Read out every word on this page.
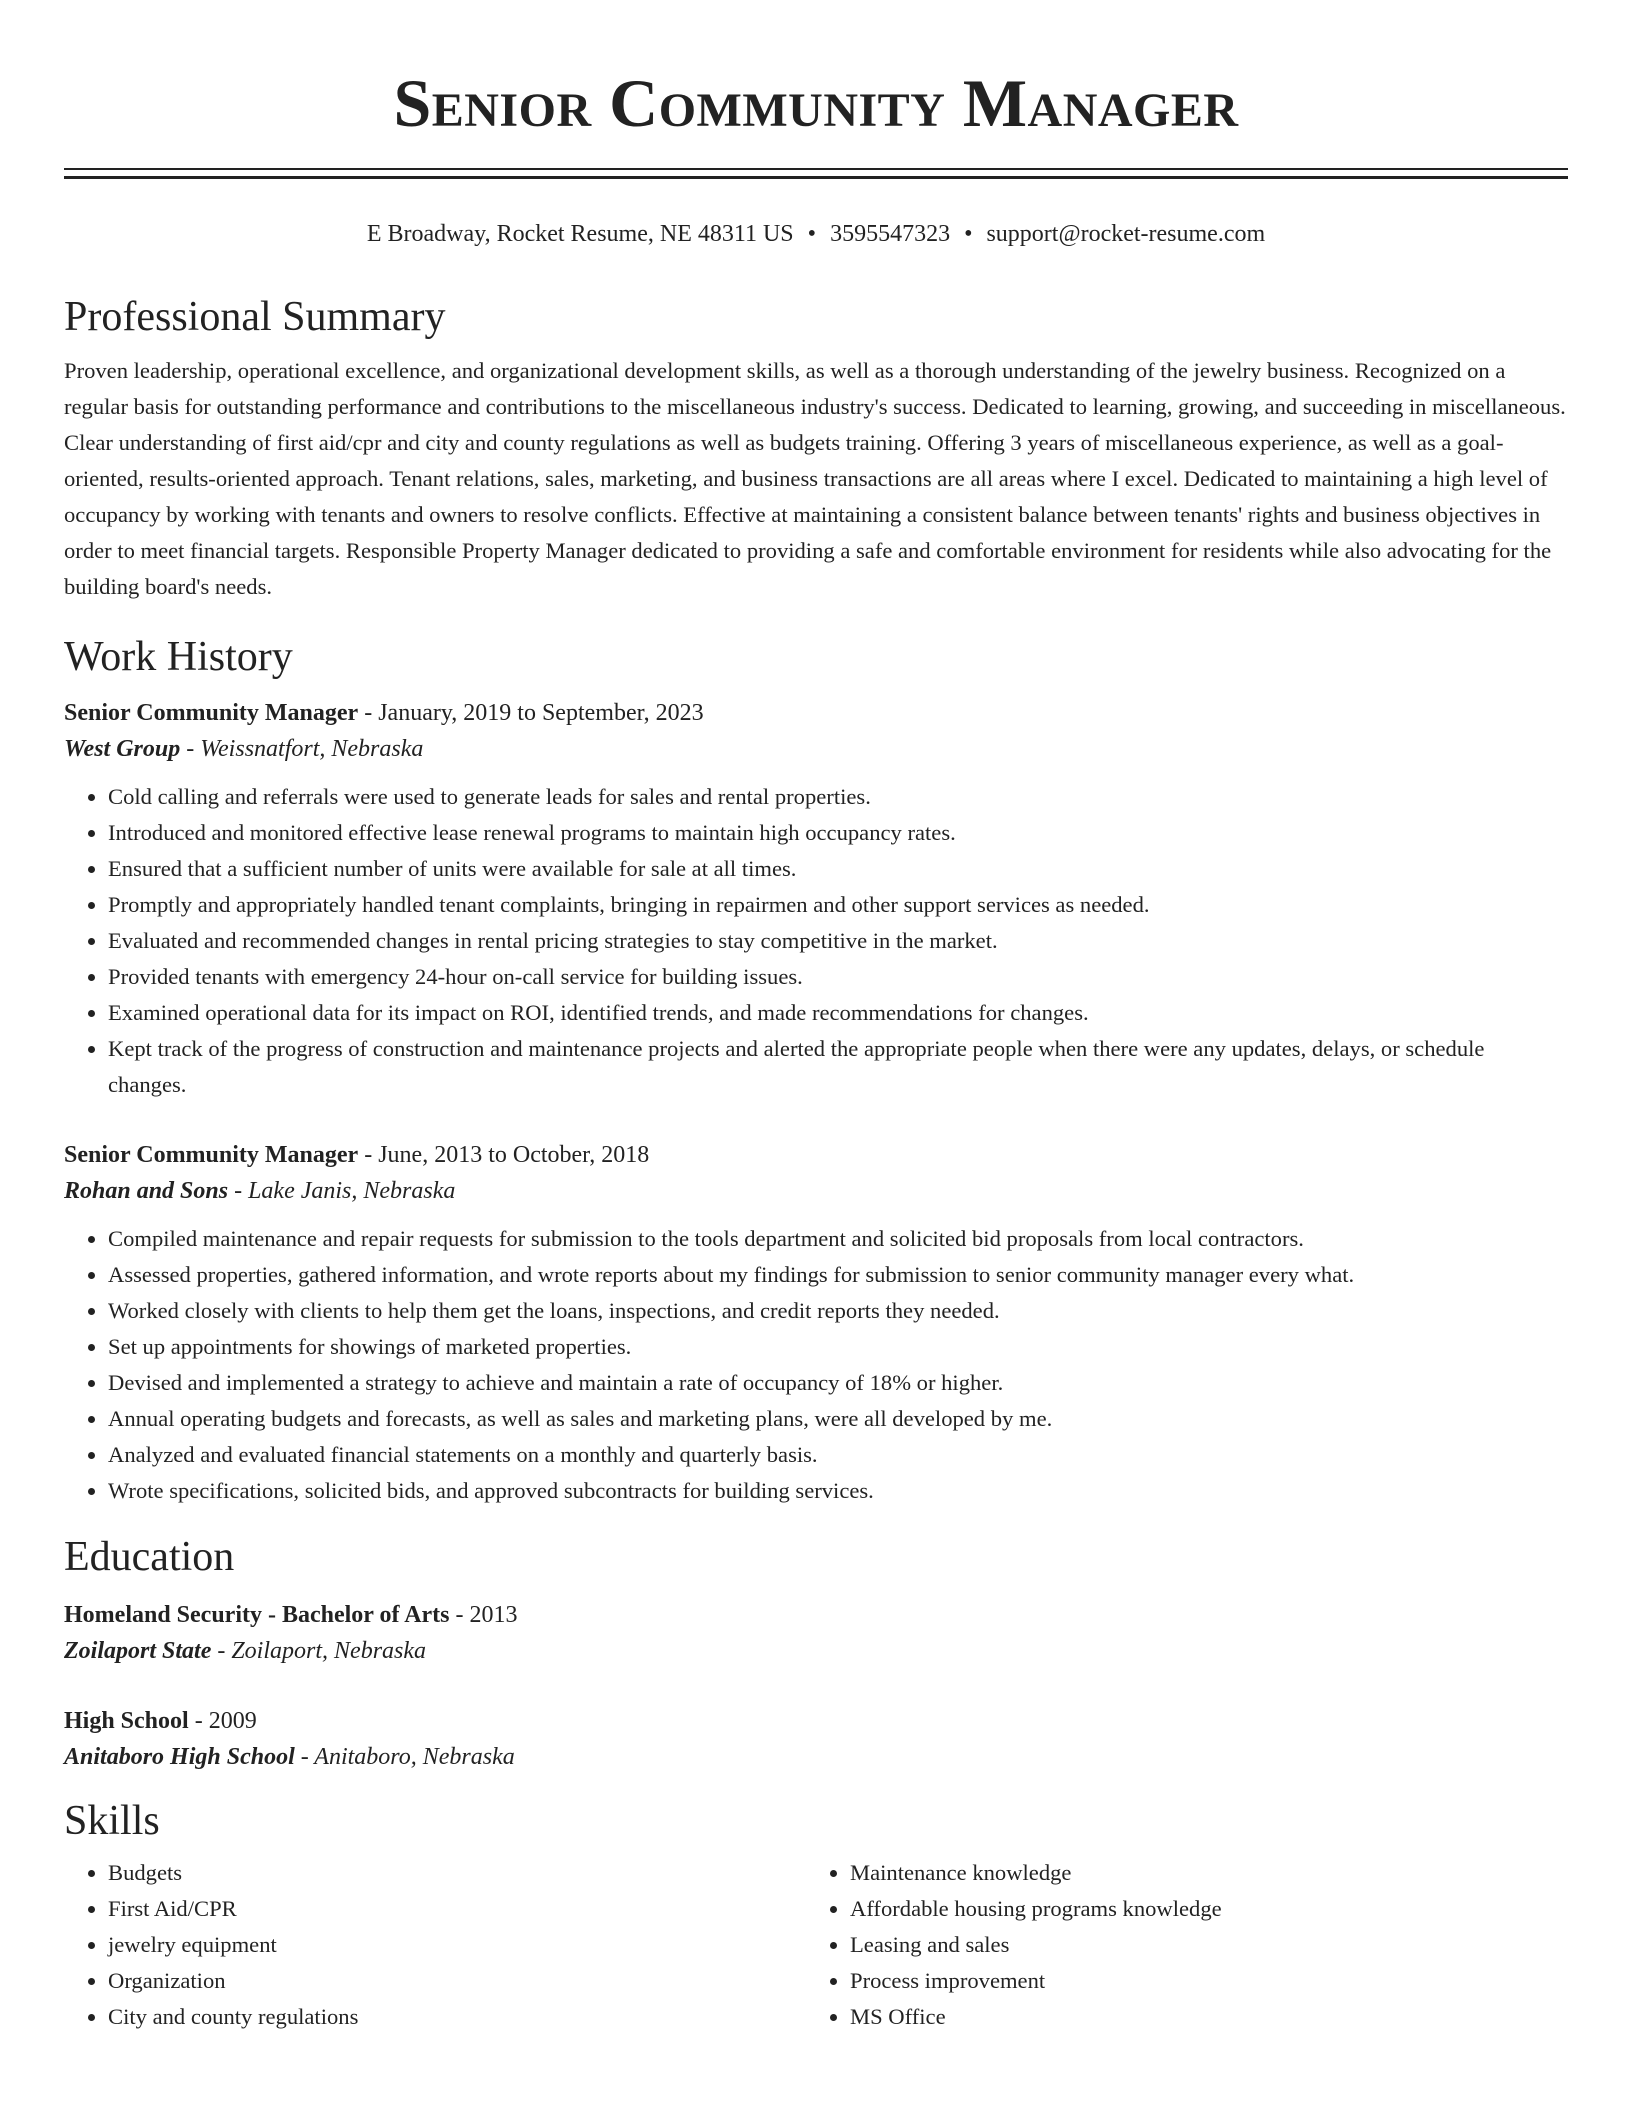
Senior Community Manager
E Broadway, Rocket Resume, NE 48311 US • 3595547323 • support@rocket-resume.com
Professional Summary

Proven leadership, operational excellence, and organizational development skills, as well as a thorough understanding of the jewelry business. Recognized on a regular basis for outstanding performance and contributions to the miscellaneous industry's success. Dedicated to learning, growing, and succeeding in miscellaneous. Clear understanding of first aid/cpr and city and county regulations as well as budgets training. Offering 3 years of miscellaneous experience, as well as a goal-oriented, results-oriented approach. Tenant relations, sales, marketing, and business transactions are all areas where I excel. Dedicated to maintaining a high level of occupancy by working with tenants and owners to resolve conflicts. Effective at maintaining a consistent balance between tenants' rights and business objectives in order to meet financial targets. Responsible Property Manager dedicated to providing a safe and comfortable environment for residents while also advocating for the building board's needs.

Work History
Senior Community Manager - January, 2019 to September, 2023
West Group - Weissnatfort, Nebraska
• Cold calling and referrals were used to generate leads for sales and rental properties.
• Introduced and monitored effective lease renewal programs to maintain high occupancy rates.
• Ensured that a sufficient number of units were available for sale at all times.
• Promptly and appropriately handled tenant complaints, bringing in repairmen and other support services as needed.
• Evaluated and recommended changes in rental pricing strategies to stay competitive in the market.
• Provided tenants with emergency 24-hour on-call service for building issues.
• Examined operational data for its impact on ROI, identified trends, and made recommendations for changes.
• Kept track of the progress of construction and maintenance projects and alerted the appropriate people when there were any updates, delays, or schedule changes.
Senior Community Manager - June, 2013 to October, 2018
Rohan and Sons - Lake Janis, Nebraska
• Compiled maintenance and repair requests for submission to the tools department and solicited bid proposals from local contractors.
• Assessed properties, gathered information, and wrote reports about my findings for submission to senior community manager every what.
• Worked closely with clients to help them get the loans, inspections, and credit reports they needed.
• Set up appointments for showings of marketed properties.
• Devised and implemented a strategy to achieve and maintain a rate of occupancy of 18% or higher.
• Annual operating budgets and forecasts, as well as sales and marketing plans, were all developed by me.
• Analyzed and evaluated financial statements on a monthly and quarterly basis.
• Wrote specifications, solicited bids, and approved subcontracts for building services.
Education
Homeland Security - Bachelor of Arts - 2013
Zoilaport State - Zoilaport, Nebraska
High School - 2009
Anitaboro High School - Anitaboro, Nebraska
Skills
• Budgets
• First Aid/CPR
• jewelry equipment
• Organization
• City and county regulations
• Maintenance knowledge
• Affordable housing programs knowledge
• Leasing and sales
• Process improvement
• MS Office
